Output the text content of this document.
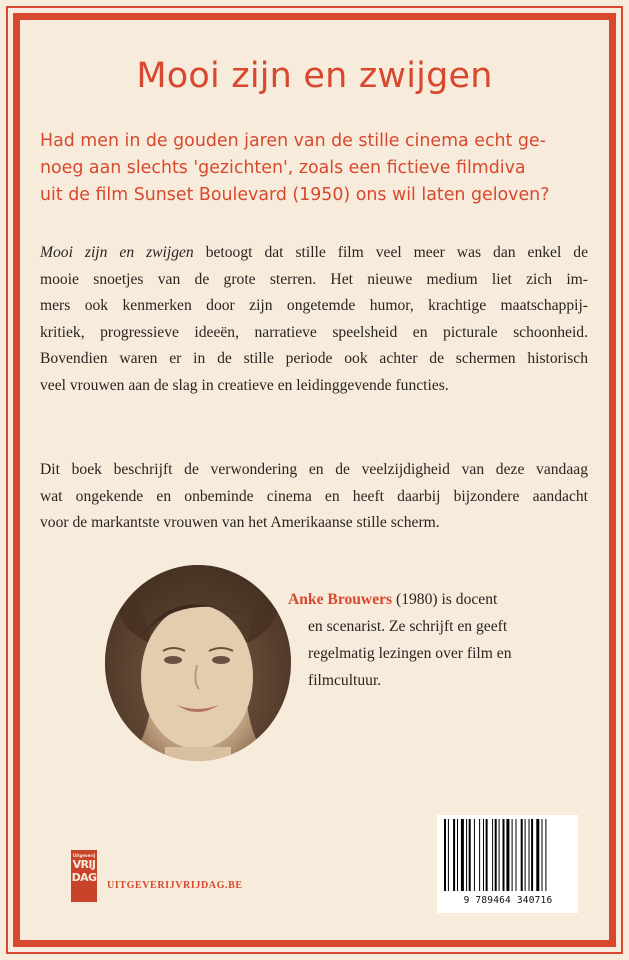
Mooi zijn en zwijgen
Had men in de gouden jaren van de stille cinema echt ge-
noeg aan slechts 'gezichten', zoals een fictieve filmdiva
uit de film Sunset Boulevard (1950) ons wil laten geloven?
Mooi zijn en zwijgen betoogt dat stille film veel meer was dan enkel de
mooie snoetjes van de grote sterren. Het nieuwe medium liet zich im-
mers ook kenmerken door zijn ongetemde humor, krachtige maatschappij-
kritiek, progressieve ideeën, narratieve speelsheid en picturale schoonheid.
Bovendien waren er in de stille periode ook achter de schermen historisch
veel vrouwen aan de slag in creatieve en leidinggevende functies.
Dit boek beschrijft de verwondering en de veelzijdigheid van deze vandaag
wat ongekende en onbeminde cinema en heeft daarbij bijzondere aandacht
voor de markantste vrouwen van het Amerikaanse stille scherm.
Anke Brouwers (1980) is docent
en scenarist. Ze schrijft en geeft
regelmatig lezingen over film en
filmcultuur.
Uitgeverij
VRIJ
DAG
UITGEVERIJVRIJDAG.BE
9 789464 340716
